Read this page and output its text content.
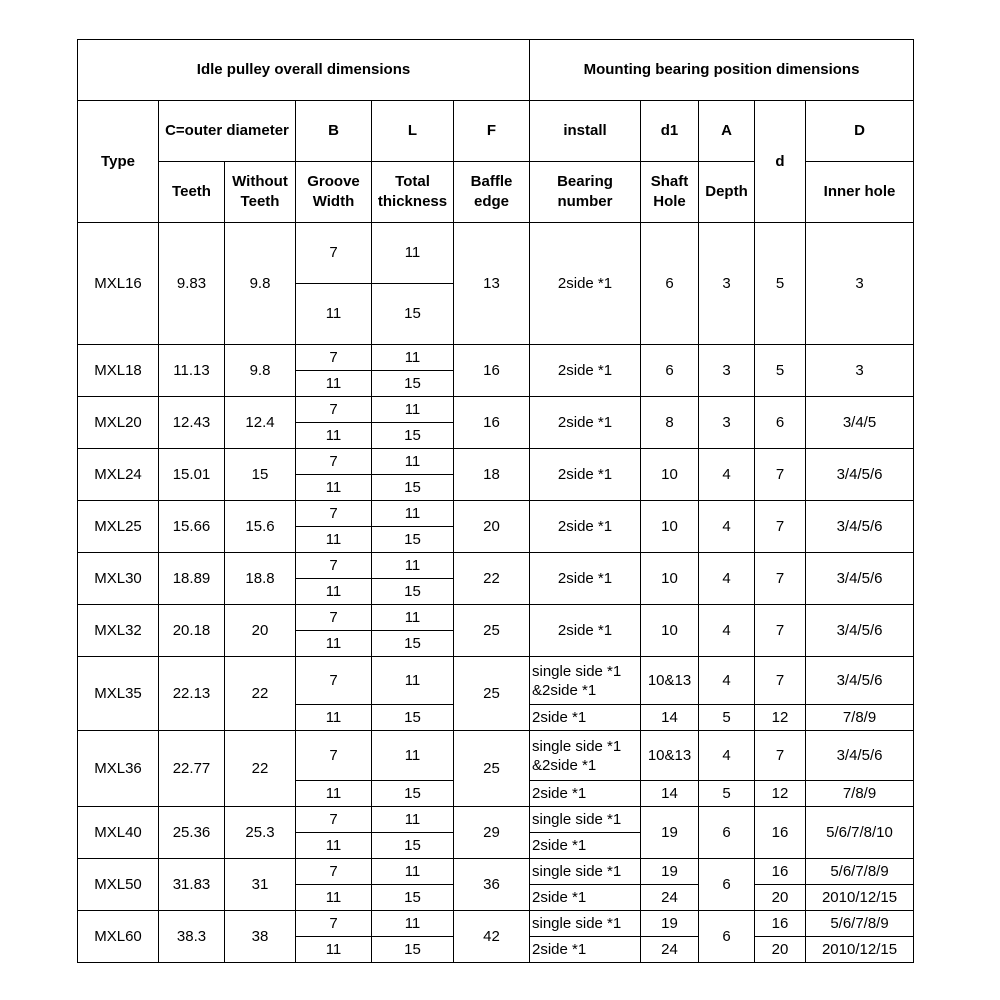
Idle pulley overall dimensions						Mounting bearing position dimensions				
Type	C=outer diameter		B	L	F	install	d1	A	d	D
	Teeth	Without Teeth	Groove Width	Total thickness	Baffle edge	Bearing number	Shaft Hole	Depth		Inner hole
MXL16	9.83	9.8	7	11	13	2side *1	6	3	5	3
			11	15						
MXL18	11.13	9.8	7	11	16	2side *1	6	3	5	3
			11	15						
MXL20	12.43	12.4	7	11	16	2side *1	8	3	6	3/4/5
			11	15						
MXL24	15.01	15	7	11	18	2side *1	10	4	7	3/4/5/6
			11	15						
MXL25	15.66	15.6	7	11	20	2side *1	10	4	7	3/4/5/6
			11	15						
MXL30	18.89	18.8	7	11	22	2side *1	10	4	7	3/4/5/6
			11	15						
MXL32	20.18	20	7	11	25	2side *1	10	4	7	3/4/5/6
			11	15						
MXL35	22.13	22	7	11	25	single side *1 &2side *1	10&13	4	7	3/4/5/6
			11	15		2side *1	14	5	12	7/8/9
MXL36	22.77	22	7	11	25	single side *1 &2side *1	10&13	4	7	3/4/5/6
			11	15		2side *1	14	5	12	7/8/9
MXL40	25.36	25.3	7	11	29	single side *1	19	6	16	5/6/7/8/10
			11	15		2side *1				
MXL50	31.83	31	7	11	36	single side *1	19	6	16	5/6/7/8/9
			11	15		2side *1	24		20	2010/12/15
MXL60	38.3	38	7	11	42	single side *1	19	6	16	5/6/7/8/9
			11	15		2side *1	24		20	2010/12/15
